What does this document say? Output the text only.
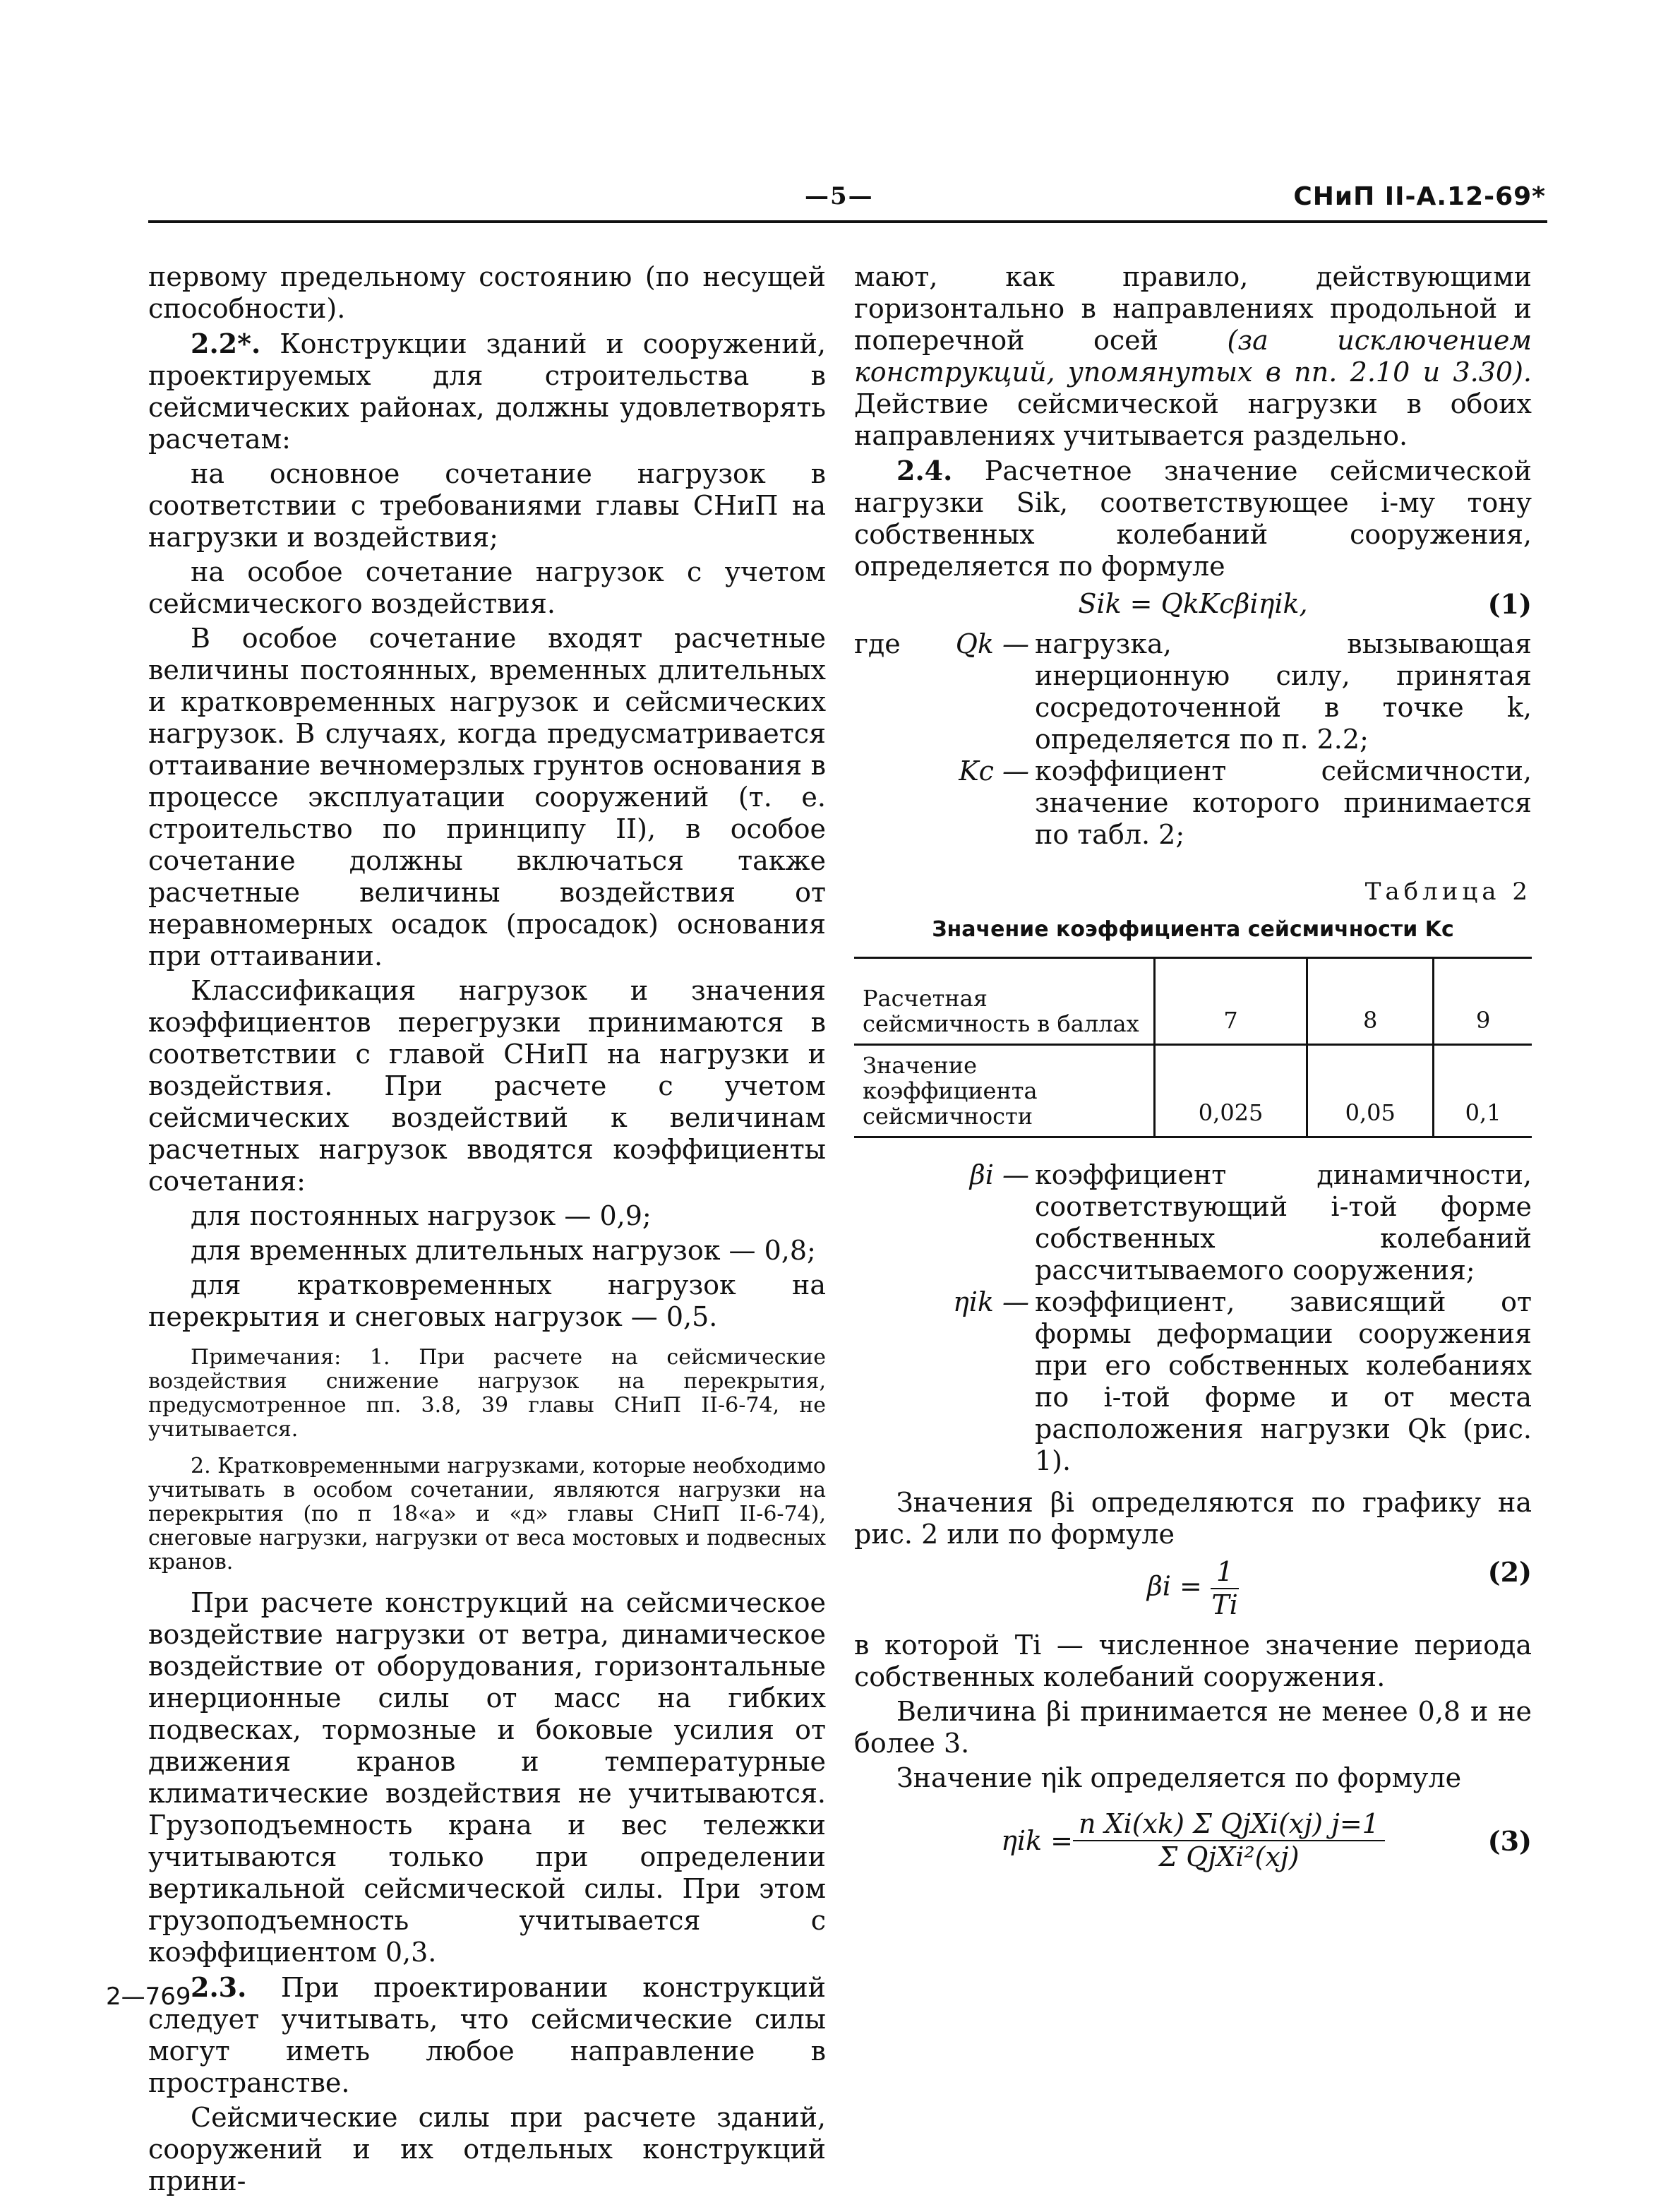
—5—	СНиП II-А.12-69*

первому предельному состоянию (по несущей способности).

2.2*. Конструкции зданий и сооружений, проектируемых для строительства в сейсмических районах, должны удовлетворять расчетам:

на основное сочетание нагрузок в соответствии с требованиями главы СНиП на нагрузки и воздействия;

на особое сочетание нагрузок с учетом сейсмического воздействия.

В особое сочетание входят расчетные величины постоянных, временных длительных и кратковременных нагрузок и сейсмических нагрузок. В случаях, когда предусматривается оттаивание вечномерзлых грунтов основания в процессе эксплуатации сооружений (т. е. строительство по принципу II), в особое сочетание должны включаться также расчетные величины воздействия от неравномерных осадок (просадок) основания при оттаивании.

Классификация нагрузок и значения коэффициентов перегрузки принимаются в соответствии с главой СНиП на нагрузки и воздействия. При расчете с учетом сейсмических воздействий к величинам расчетных нагрузок вводятся коэффициенты сочетания:

для постоянных нагрузок — 0,9;

для временных длительных нагрузок — 0,8;

для кратковременных нагрузок на перекрытия и снеговых нагрузок — 0,5.

Примечания: 1. При расчете на сейсмические воздействия снижение нагрузок на перекрытия, предусмотренное пп. 3.8, 39 главы СНиП II-6-74, не учитывается.

2. Кратковременными нагрузками, которые необходимо учитывать в особом сочетании, являются нагрузки на перекрытия (по п 18«а» и «д» главы СНиП II-6-74), снеговые нагрузки, нагрузки от веса мостовых и подвесных кранов.

При расчете конструкций на сейсмическое воздействие нагрузки от ветра, динамическое воздействие от оборудования, горизонтальные инерционные силы от масс на гибких подвесках, тормозные и боковые усилия от движения кранов и температурные климатические воздействия не учитываются. Грузоподъемность крана и вес тележки учитываются только при определении вертикальной сейсмической силы. При этом грузоподъемность учитывается с коэффициентом 0,3.

2.3. При проектировании конструкций следует учитывать, что сейсмические силы могут иметь любое направление в пространстве.

Сейсмические силы при расчете зданий, сооружений и их отдельных конструкций прини-

мают, как правило, действующими горизонтально в направлениях продольной и поперечной осей	(за исключением конструкций, упомянутых в пп. 2.10 и 3.30). Действие сейсмической нагрузки в обоих направлениях учитывается раздельно.

2.4. Расчетное значение сейсмической нагрузки Sik, соответствующее i-му тону собственных колебаний сооружения, определяется по формуле

Sik = QkKcβiηik,	(1)
где	Qk — нагрузка, вызывающая инерционную силу, принятая сосредоточенной в точке k, определяется по п. 2.2;
Kc — коэффициент сейсмичности, значение которого принимается по табл. 2;
Таблица 2
Значение коэффициента сейсмичности Kc
Расчетная сейсмичность в баллах	7	8	9
Значение коэффициента сейсмичности	0,025	0,05	0,1
βi — коэффициент динамичности, соответствующий i-той форме собственных колебаний рассчитываемого сооружения;
ηik — коэффициент, зависящий от формы деформации сооружения при его собственных колебаниях по i-той форме и от места расположения нагрузки Qk (рис. 1).

Значения βi определяются по графику на рис. 2 или по формуле

$\beta i = \frac{1}{Ti}$	(2)

в которой Ti — численное значение периода собственных колебаний сооружения.

Величина βi принимается не менее 0,8 и не более 3.

Значение ηik определяется по формуле

$\eta ik = \frac{\text{n Xi(xk) Σ QjXi(xj) j=1}}{\text{Σ QjXi²(xj)}}$	(3)
2—769
